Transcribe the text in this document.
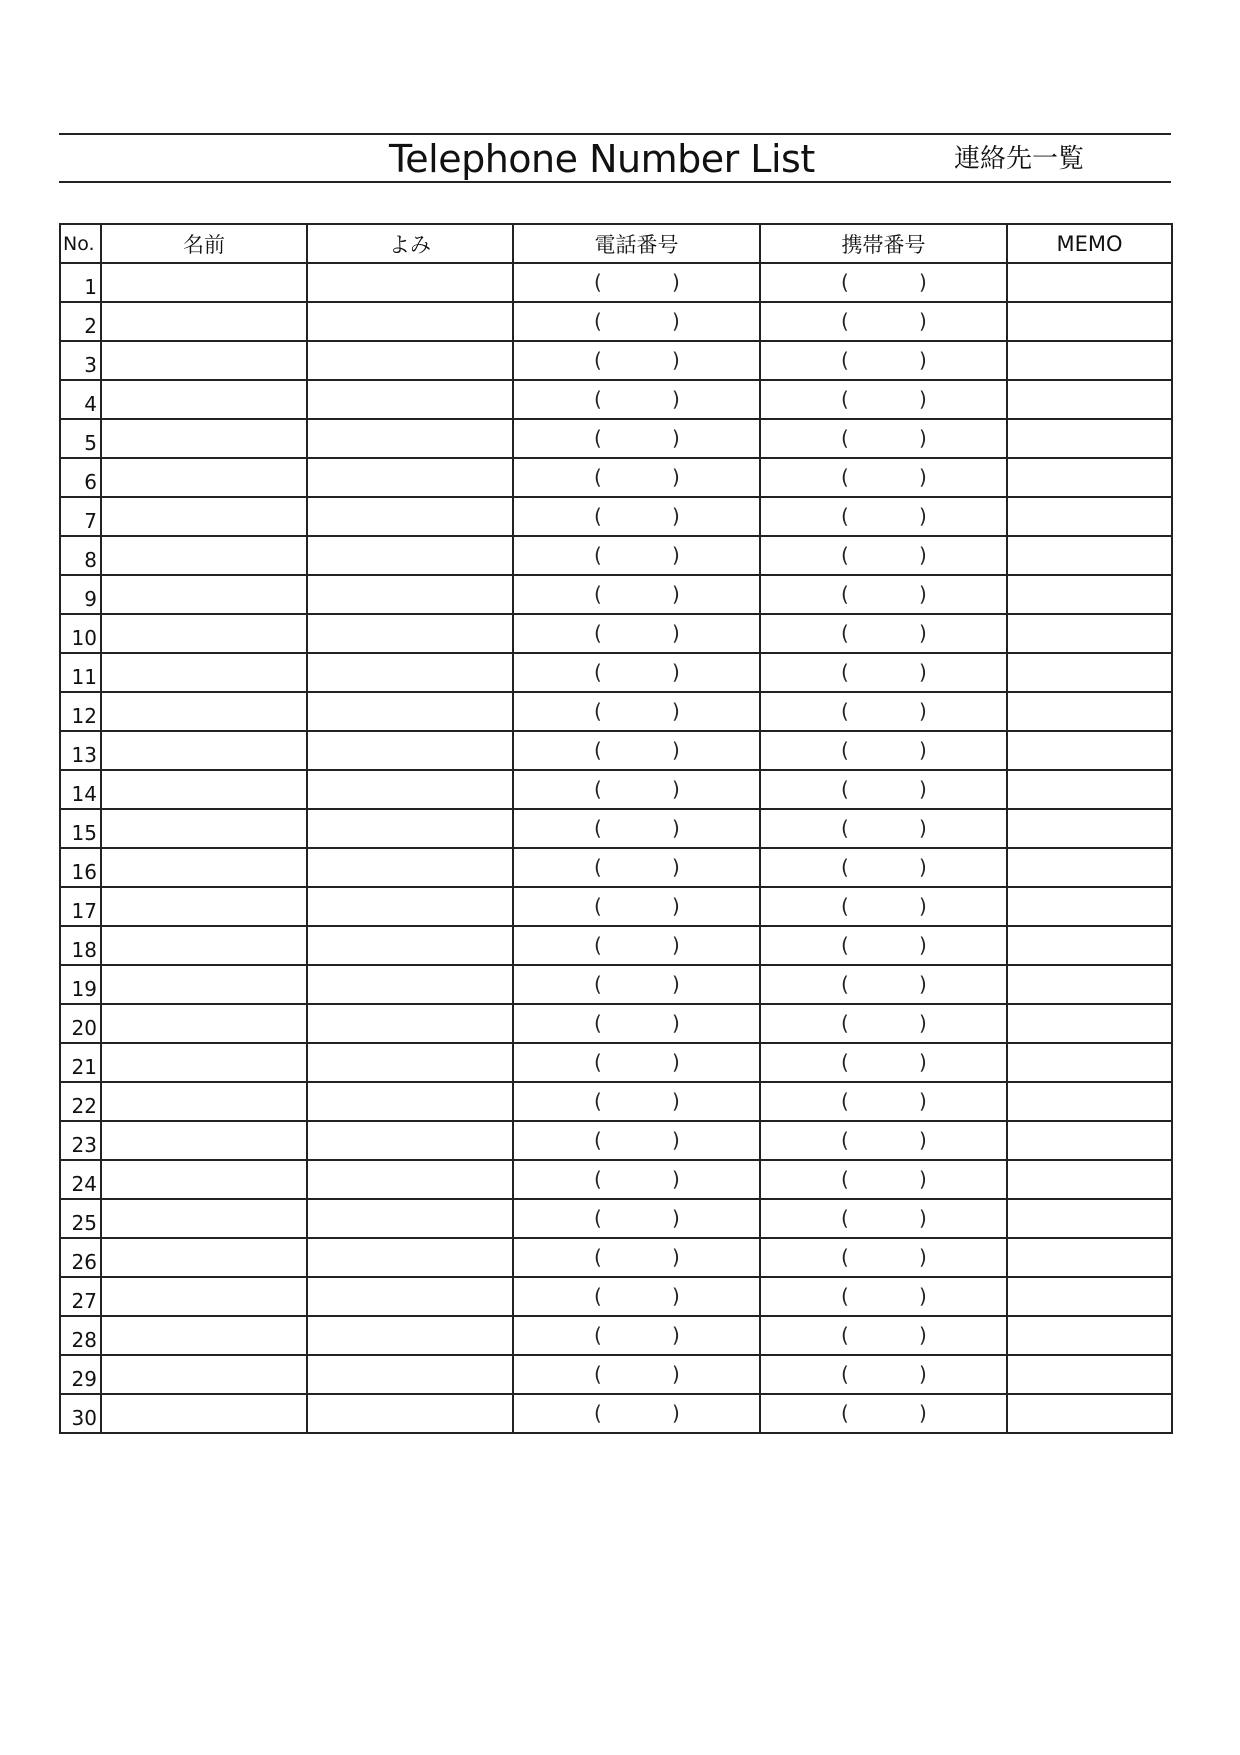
Telephone Number List	連絡先一覧
No.	名前	よみ	電話番号	携帯番号	MEMO
1			( )	( )	

2			( )	( )	

3			( )	( )	

4			( )	( )	

5			( )	( )	

6			( )	( )	

7			( )	( )	

8			( )	( )	

9			( )	( )	

10			( )	( )	

11			( )	( )	

12			( )	( )	

13			( )	( )	

14			( )	( )	

15			( )	( )	

16			( )	( )	

17			( )	( )	

18			( )	( )	

19			( )	( )	

20			( )	( )	

21			( )	( )	

22			( )	( )	

23			( )	( )	

24			( )	( )	

25			( )	( )	

26			( )	( )	

27			( )	( )	

28			( )	( )	

29			( )	( )	

30			( )	( )	
